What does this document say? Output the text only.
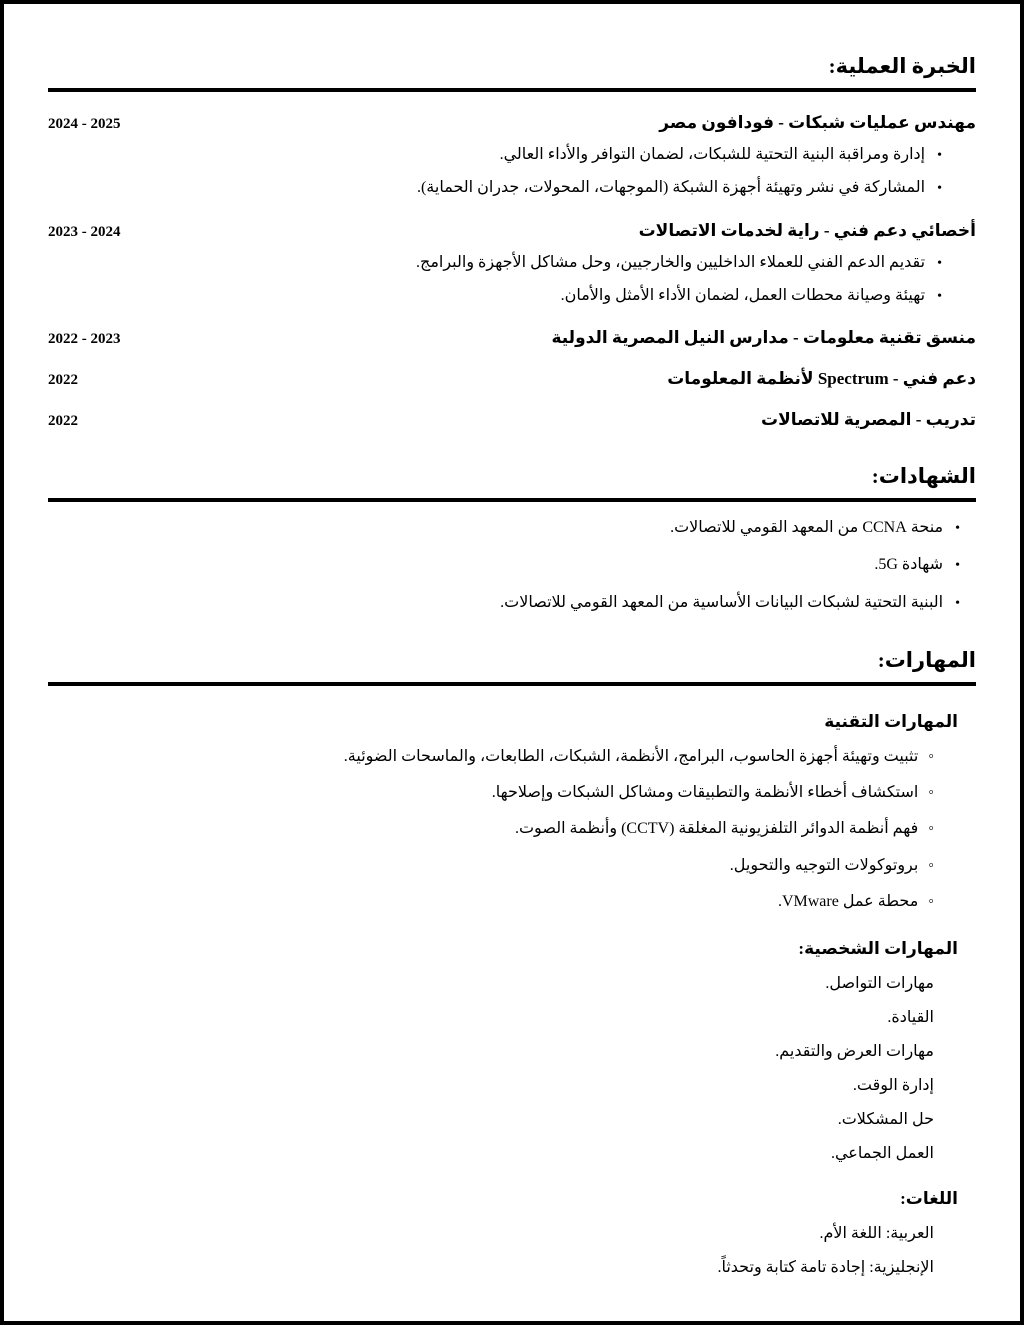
الخبرة العملية:
مهندس عمليات شبكات - فودافون مصر
2024 - 2025
• إدارة ومراقبة البنية التحتية للشبكات، لضمان التوافر والأداء العالي.
• المشاركة في نشر وتهيئة أجهزة الشبكة (الموجهات، المحولات، جدران الحماية).
أخصائي دعم فني - راية لخدمات الاتصالات
2023 - 2024
• تقديم الدعم الفني للعملاء الداخليين والخارجيين، وحل مشاكل الأجهزة والبرامج.
• تهيئة وصيانة محطات العمل، لضمان الأداء الأمثل والأمان.
منسق تقنية معلومات - مدارس النيل المصرية الدولية
2022 - 2023
دعم فني - Spectrum لأنظمة المعلومات
2022
تدريب - المصرية للاتصالات
2022
الشهادات:
• منحة CCNA من المعهد القومي للاتصالات.
• شهادة 5G.
• البنية التحتية لشبكات البيانات الأساسية من المعهد القومي للاتصالات.
المهارات:
المهارات التقنية
◦ تثبيت وتهيئة أجهزة الحاسوب، البرامج، الأنظمة، الشبكات، الطابعات، والماسحات الضوئية.
◦ استكشاف أخطاء الأنظمة والتطبيقات ومشاكل الشبكات وإصلاحها.
◦ فهم أنظمة الدوائر التلفزيونية المغلقة (CCTV) وأنظمة الصوت.
◦ بروتوكولات التوجيه والتحويل.
◦ محطة عمل VMware.
المهارات الشخصية:
مهارات التواصل.
القيادة.
مهارات العرض والتقديم.
إدارة الوقت.
حل المشكلات.
العمل الجماعي.
اللغات:
العربية: اللغة الأم.
الإنجليزية: إجادة تامة كتابة وتحدثاً.
